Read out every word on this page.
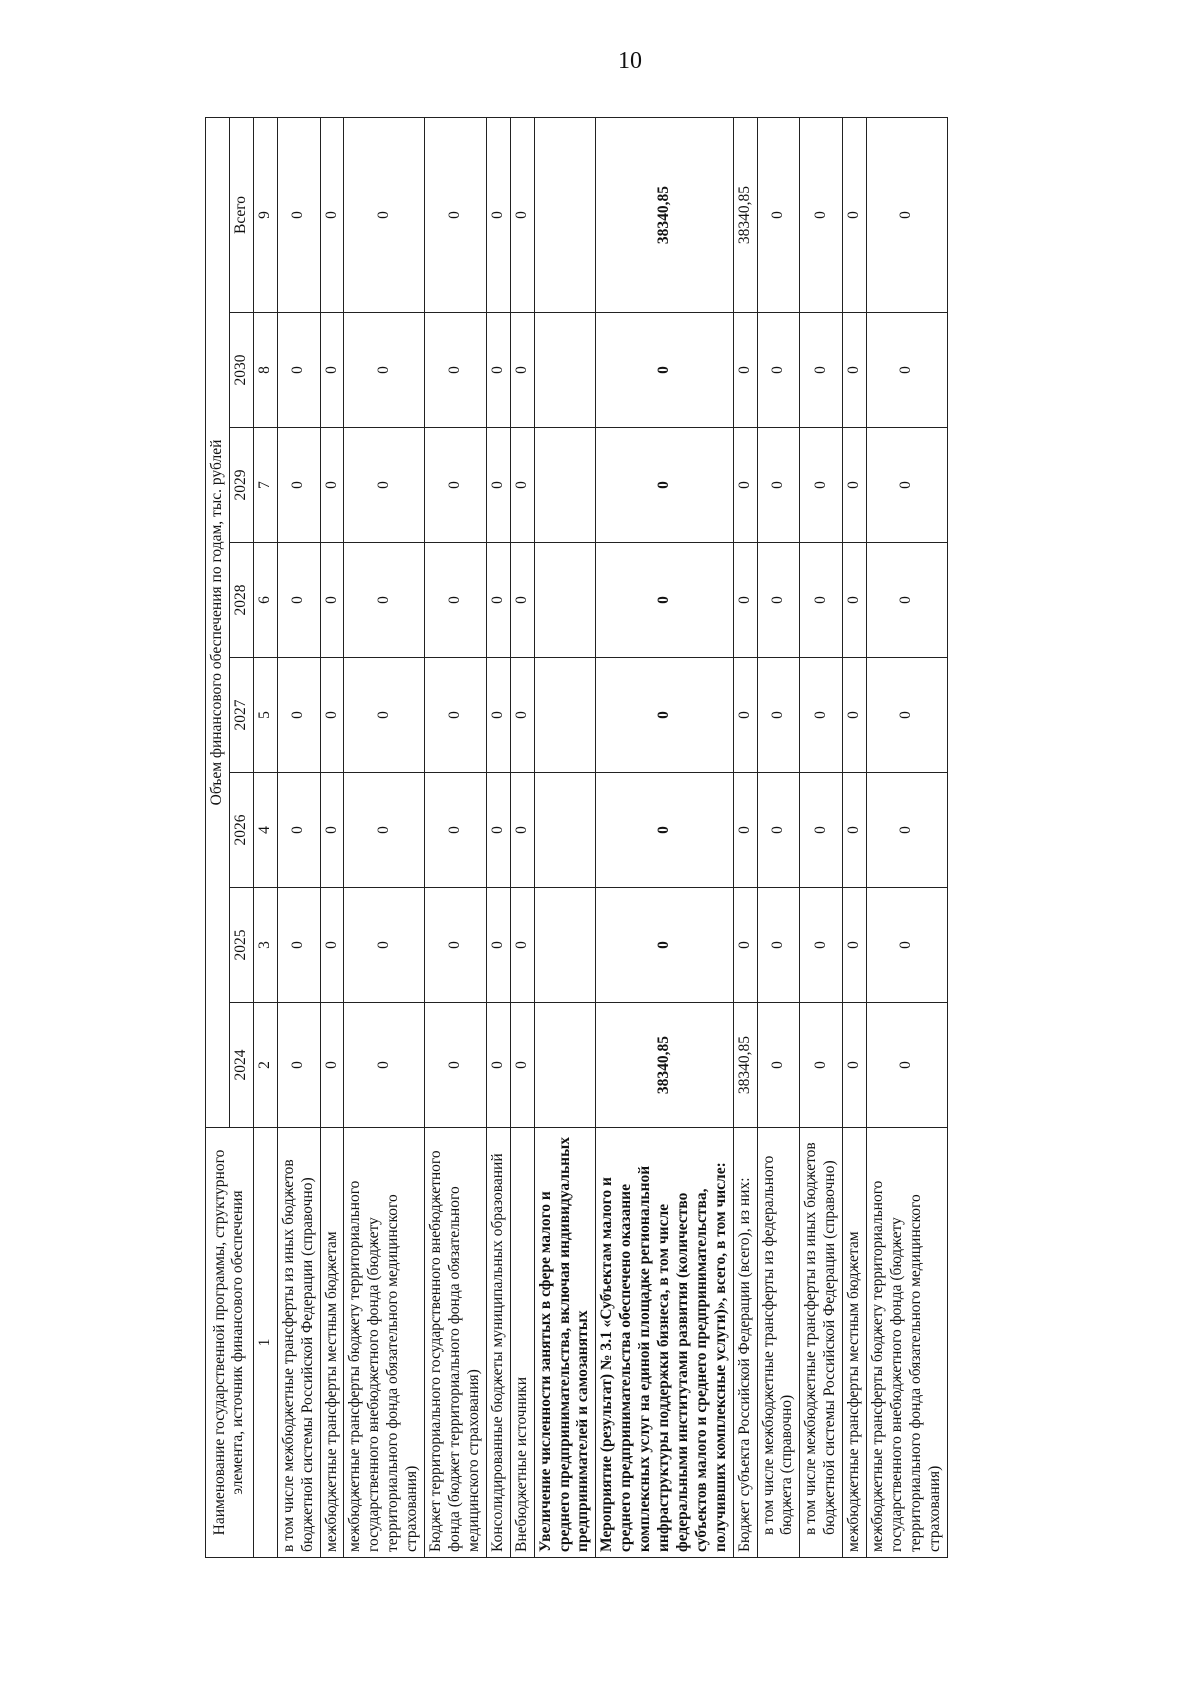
10
Наименование государственной программы, структурного элемента, источник финансового обеспечения	Объем финансового обеспечения по годам, тыс. рублей							
	2024	2025	2026	2027	2028	2029	2030	Всего
1	2	3	4	5	6	7	8	9
в том числе межбюджетные трансферты из иных бюджетов бюджетной системы Российской Федерации (справочно)	0	0	0	0	0	0	0	0
межбюджетные трансферты местным бюджетам	0	0	0	0	0	0	0	0
межбюджетные трансферты бюджету территориального государственного внебюджетного фонда (бюджету территориального фонда обязательного медицинского страхования)	0	0	0	0	0	0	0	0
Бюджет территориального государственного внебюджетного фонда (бюджет территориального фонда обязательного медицинского страхования)	0	0	0	0	0	0	0	0
Консолидированные бюджеты муниципальных образований	0	0	0	0	0	0	0	0
Внебюджетные источники	0	0	0	0	0	0	0	0
Увеличение численности занятых в сфере малого и среднего предпринимательства, включая индивидуальных предпринимателей и самозанятых								
Мероприятие (результат) № 3.1 «Субъектам малого и среднего предпринимательства обеспечено оказание комплексных услуг на единой площадке региональной инфраструктуры поддержки бизнеса, в том числе федеральными институтами развития (количество субъектов малого и среднего предпринимательства, получивших комплексные услуги)», всего, в том числе:	38340,85	0	0	0	0	0	0	38340,85
Бюджет субъекта Российской Федерации (всего), из них:	38340,85	0	0	0	0	0	0	38340,85
в том числе межбюджетные трансферты из федерального бюджета (справочно)	0	0	0	0	0	0	0	0
в том числе межбюджетные трансферты из иных бюджетов бюджетной системы Российской Федерации (справочно)	0	0	0	0	0	0	0	0
межбюджетные трансферты местным бюджетам	0	0	0	0	0	0	0	0
межбюджетные трансферты бюджету территориального государственного внебюджетного фонда (бюджету территориального фонда обязательного медицинского страхования)	0	0	0	0	0	0	0	0
